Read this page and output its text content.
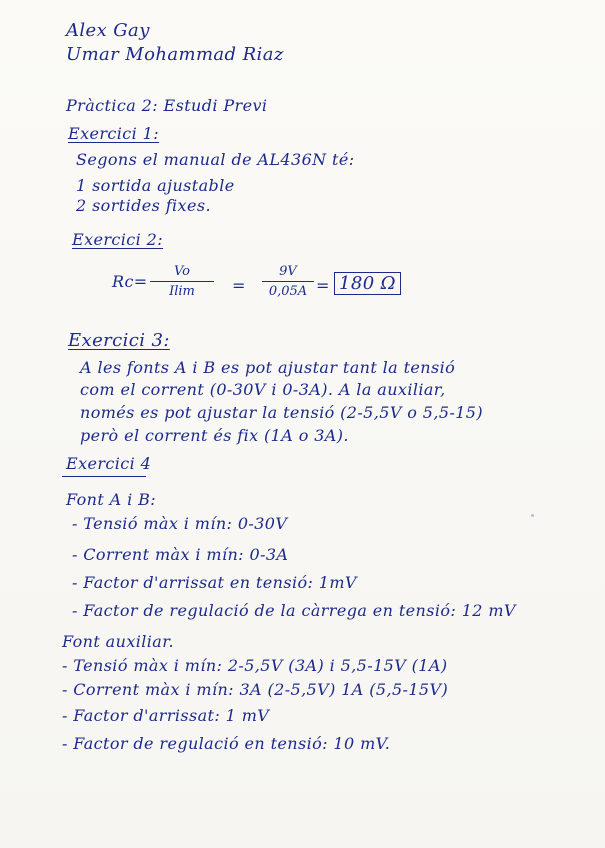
Alex Gay
Umar Mohammad Riaz
Pràctica 2: Estudi Previ
Exercici 1:
Segons el manual de AL436N té:
1 sortida ajustable
2 sortides fixes.
Exercici 2:
Rc=
Vo
Ilim	=
9V
0,05A = 180 Ω
Exercici 3:
A les fonts A i B es pot ajustar tant la tensió
com el corrent (0-30V i 0-3A). A la auxiliar,
només es pot ajustar la tensió (2-5,5V o 5,5-15)
però el corrent és fix (1A o 3A).
Exercici 4
Font A i B:
- Tensió màx i mín: 0-30V
- Corrent màx i mín: 0-3A
- Factor d'arrissat en tensió: 1mV
- Factor de regulació de la càrrega en tensió: 12 mV
Font auxiliar.
- Tensió màx i mín: 2-5,5V (3A) i 5,5-15V (1A)
- Corrent màx i mín: 3A (2-5,5V) 1A (5,5-15V)
- Factor d'arrissat: 1 mV
- Factor de regulació en tensió: 10 mV.
